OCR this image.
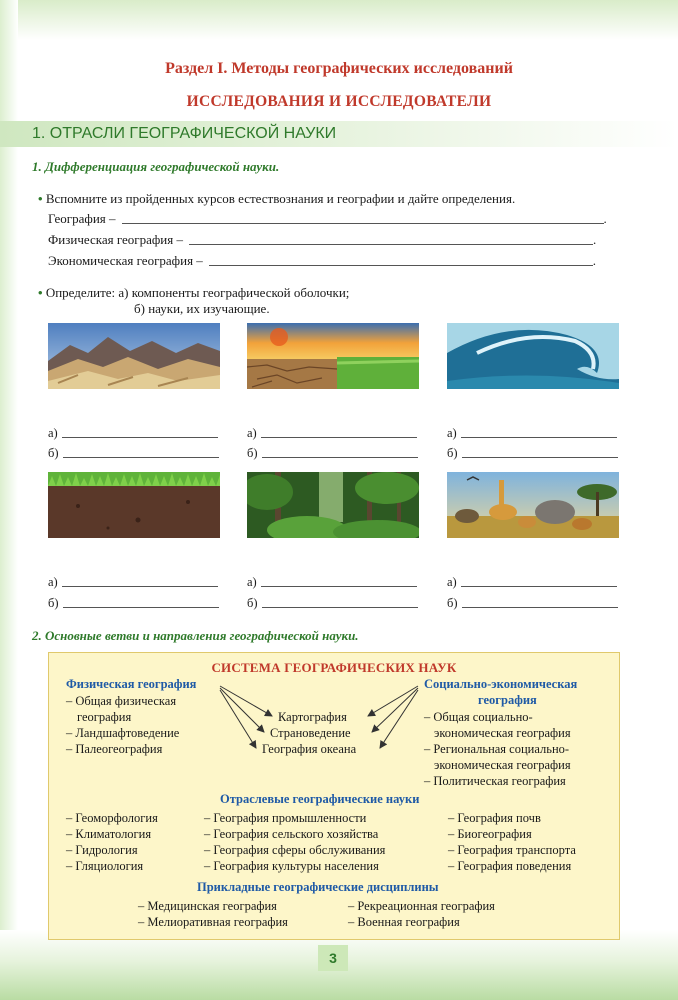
Раздел I. Методы географических исследований
ИССЛЕДОВАНИЯ И ИССЛЕДОВАТЕЛИ
1. ОТРАСЛИ ГЕОГРАФИЧЕСКОЙ НАУКИ
1. Дифференциация географической науки.
• Вспомните из пройденных курсов естествознания и географии и дайте определения.
География –	.
Физическая география –	.
Экономическая география –	.
• Определите: а) компоненты географической оболочки;
б) науки, их изучающие.
а)
б)
а)
б)
а)
б)
а)
б)
а)
б)
а)
б)
2. Основные ветви и направления географической науки.
СИСТЕМА ГЕОГРАФИЧЕСКИХ НАУК
Физическая география
– Общая физическая
география
– Ландшафтоведение
– Палеогеография
Картография
Страноведение
География океана
Социально-экономическая
география
– Общая социально-
экономическая география
– Региональная социально-
экономическая география
– Политическая география
Отраслевые географические науки
– Геоморфология
– Климатология
– Гидрология
– Гляциология
– География промышленности
– География сельского хозяйства
– География сферы обслуживания
– География культуры населения
– География почв
– Биогеография
– География транспорта
– География поведения
Прикладные географические дисциплины
– Медицинская география
– Мелиоративная география
– Рекреационная география
– Военная география
3
